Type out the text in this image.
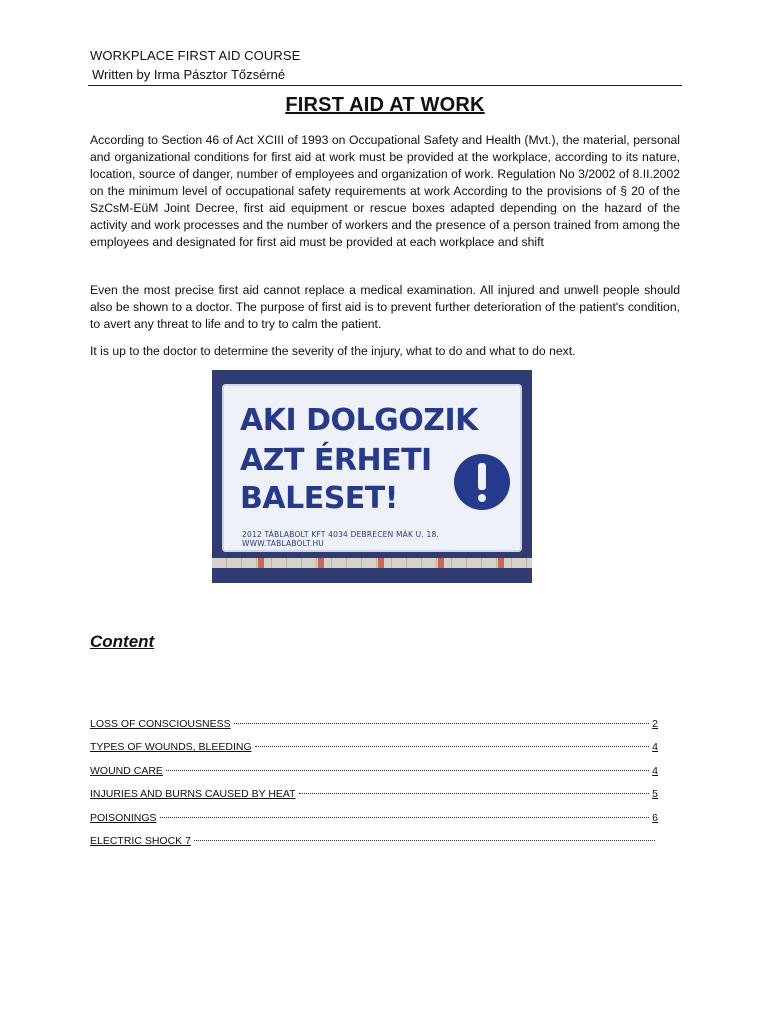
WORKPLACE FIRST AID COURSE
Written by Irma Pásztor Tőzsérné
FIRST AID AT WORK

According to Section 46 of Act XCIII of 1993 on Occupational Safety and Health (Mvt.), the material, personal and organizational conditions for first aid at work must be provided at the workplace, according to its nature, location, source of danger, number of employees and organization of work. Regulation No 3/2002 of 8.II.2002 on the minimum level of occupational safety requirements at work According to the provisions of § 20 of the SzCsM-EüM Joint Decree, first aid equipment or rescue boxes adapted depending on the hazard of the activity and work processes and the number of workers and the presence of a person trained from among the employees and designated for first aid must be provided at each workplace and shift

Even the most precise first aid cannot replace a medical examination. All injured and unwell people should also be shown to a doctor. The purpose of first aid is to prevent further deterioration of the patient's condition, to avert any threat to life and to try to calm the patient.

It is up to the doctor to determine the severity of the injury, what to do and what to do next.

AKI DOLGOZIK
AZT ÉRHETI
BALESET!
2012 TÁBLABOLT KFT 4034 DEBRECEN MÁK U. 18. WWW.TABLABOLT.HU
Content
LOSS OF CONSCIOUSNESS	2
TYPES OF WOUNDS, BLEEDING	4
WOUND CARE	4
INJURIES AND BURNS CAUSED BY HEAT	5
POISONINGS	6
ELECTRIC SHOCK 7
